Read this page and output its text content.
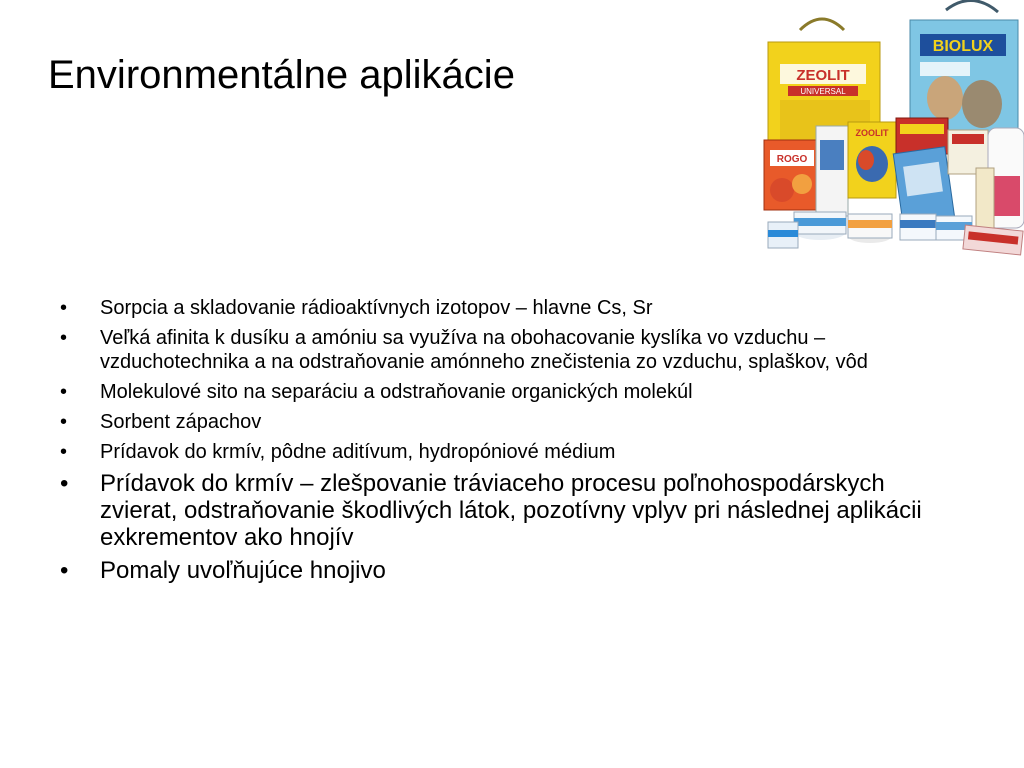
Environmentálne aplikácie	ZEOLIT
UNIVERSAL
BIOLUX
ROGO
ZOOLIT
• Sorpcia a skladovanie rádioaktívnych izotopov – hlavne Cs, Sr
• Veľká afinita k dusíku a amóniu sa využíva na obohacovanie kyslíka vo vzduchu – vzduchotechnika a na odstraňovanie amónneho znečistenia zo vzduchu, splaškov, vôd
• Molekulové sito na separáciu a odstraňovanie organických molekúl
• Sorbent zápachov
• Prídavok do krmív, pôdne aditívum, hydropóniové médium
• Prídavok do krmív – zlešpovanie tráviaceho procesu poľnohospodárskych zvierat, odstraňovanie škodlivých látok, pozotívny vplyv pri následnej aplikácii exkrementov ako hnojív
• Pomaly uvoľňujúce hnojivo
